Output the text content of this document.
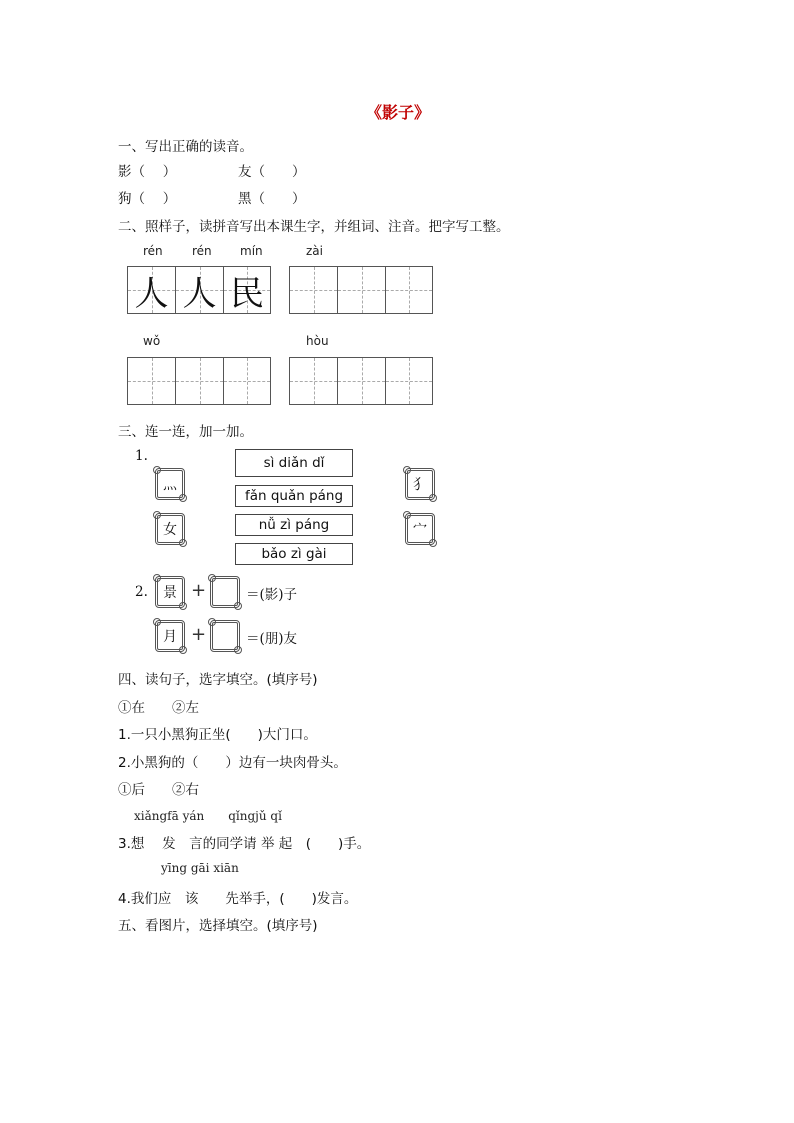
《影子》
一、写出正确的读音。
影（　 ）	友（　　）
狗（　 ）	黑（　　）
二、照样子，读拼音写出本课生字，并组词、注音。把字写工整。
rén rén mín	zài
人 人 民
wǒ	hòu
三、连一连，加一加。
1.
灬
女
犭
宀
sì diǎn dǐ
fǎn quǎn páng
nǚ zì páng
bǎo zì gài
2.	景 +	＝(影)子
月 +	＝(朋)友
四、读句子，选字填空。(填序号)
①在　　②左
1.一只小黑狗正坐(　　)大门口。
2.小黑狗的（　　）边有一块肉骨头。
①后　　②右
xiǎngfā yán　　qǐngjǔ qǐ
3.想　 发　言的同学请 举 起　(　　)手。
yīng gāi xiān
4.我们应　该　　先举手，(　　)发言。
五、看图片，选择填空。(填序号)
